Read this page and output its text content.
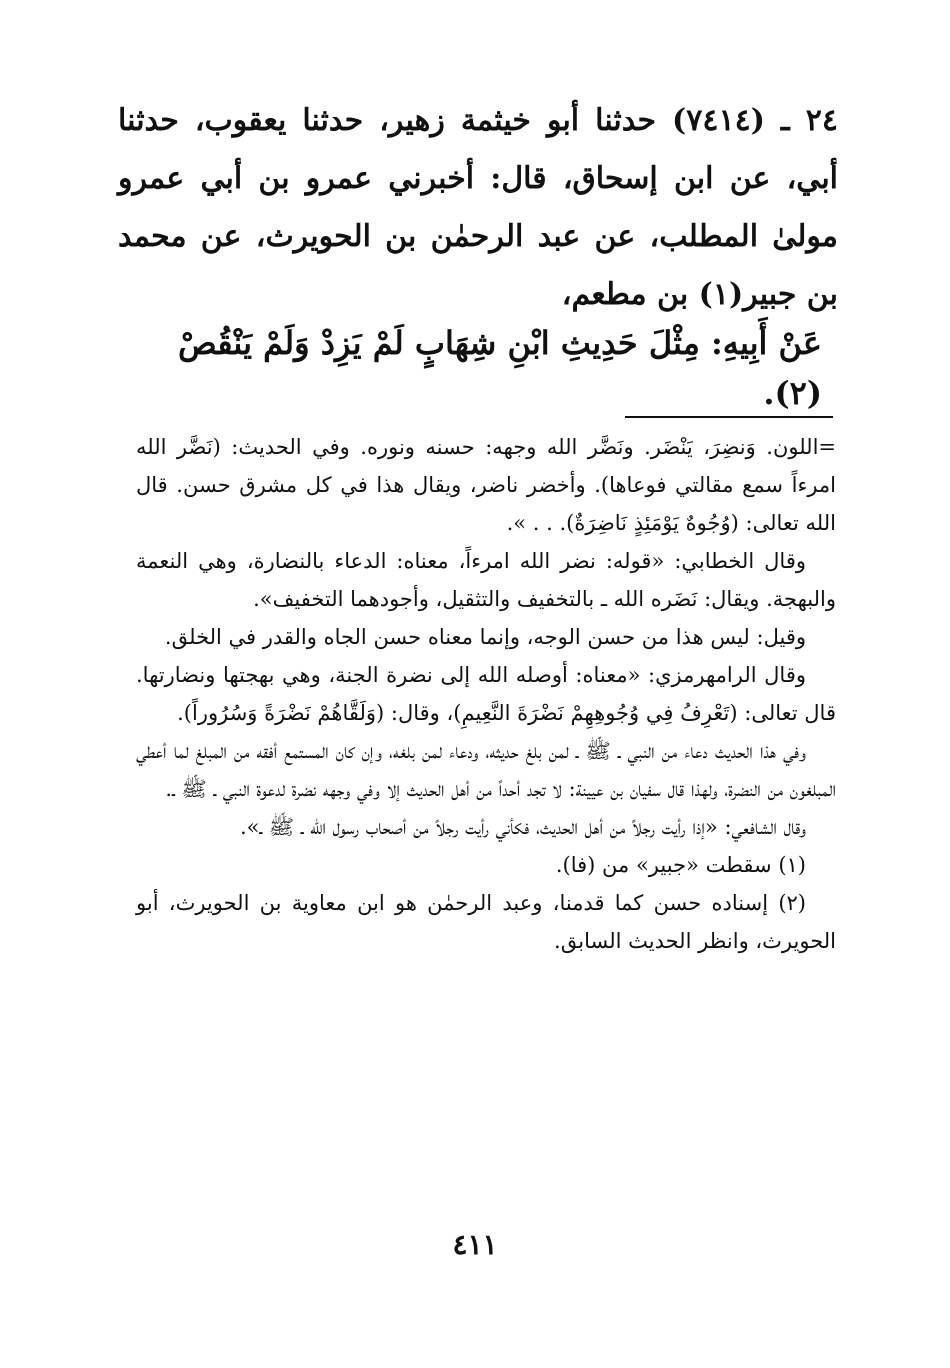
٢٤ ـ (٧٤١٤) حدثنا أبو خيثمة زهير، حدثنا يعقوب، حدثنا أبي، عن ابن إسحاق، قال: أخبرني عمرو بن أبي عمرو مولىٰ المطلب، عن عبد الرحمٰن بن الحويرث، عن محمد بن جبير(١) بن مطعم،

عَنْ أَبِيهِ: مِثْلَ حَدِيثِ ابْنِ شِهَابٍ لَمْ يَزِدْ وَلَمْ يَنْقُصْ (٢).

=اللون. وَنضِرَ، يَنْضَر. ونَضَّر الله وجهه: حسنه ونوره. وفي الحديث: (نَضَّر الله امرءاً سمع مقالتي فوعاها). وأخضر ناضر، ويقال هذا في كل مشرق حسن. قال الله تعالى: (وُجُوهٌ يَوْمَئِذٍ نَاضِرَةٌ). . . ».

وقال الخطابي: «قوله: نضر الله امرءاً، معناه: الدعاء بالنضارة، وهي النعمة والبهجة. ويقال: نَضَره الله ـ بالتخفيف والتثقيل، وأجودهما التخفيف».

وقيل: ليس هذا من حسن الوجه، وإنما معناه حسن الجاه والقدر في الخلق.

وقال الرامهرمزي: «معناه: أوصله الله إلى نضرة الجنة، وهي بهجتها ونضارتها. قال تعالى: (تَعْرِفُ فِي وُجُوهِهِمْ نَضْرَةَ النَّعِيمِ)، وقال: (وَلَقَّاهُمْ نَضْرَةً وَسُرُوراً).

وفي هذا الحديث دعاء من النبي ـ ﷺ ـ لمن بلغ حديثه، ودعاء لمن بلغه، وإن كان المستمع أفقه من المبلغ لما أعطي المبلغون من النضرة، ولهذا قال سفيان بن عيينة: لا تجد أحداً من أهل الحديث إلا وفي وجهه نضرة لدعوة النبي ـ ﷺ ـ.

وقال الشافعي: «إذا رأيت رجلاً من أهل الحديث، فكأني رأيت رجلاً من أصحاب رسول الله ـ ﷺ ـ».

(١) سقطت «جبير» من (فا).

(٢) إسناده حسن كما قدمنا، وعبد الرحمٰن هو ابن معاوية بن الحويرث، أبو الحويرث، وانظر الحديث السابق.

٤١١
